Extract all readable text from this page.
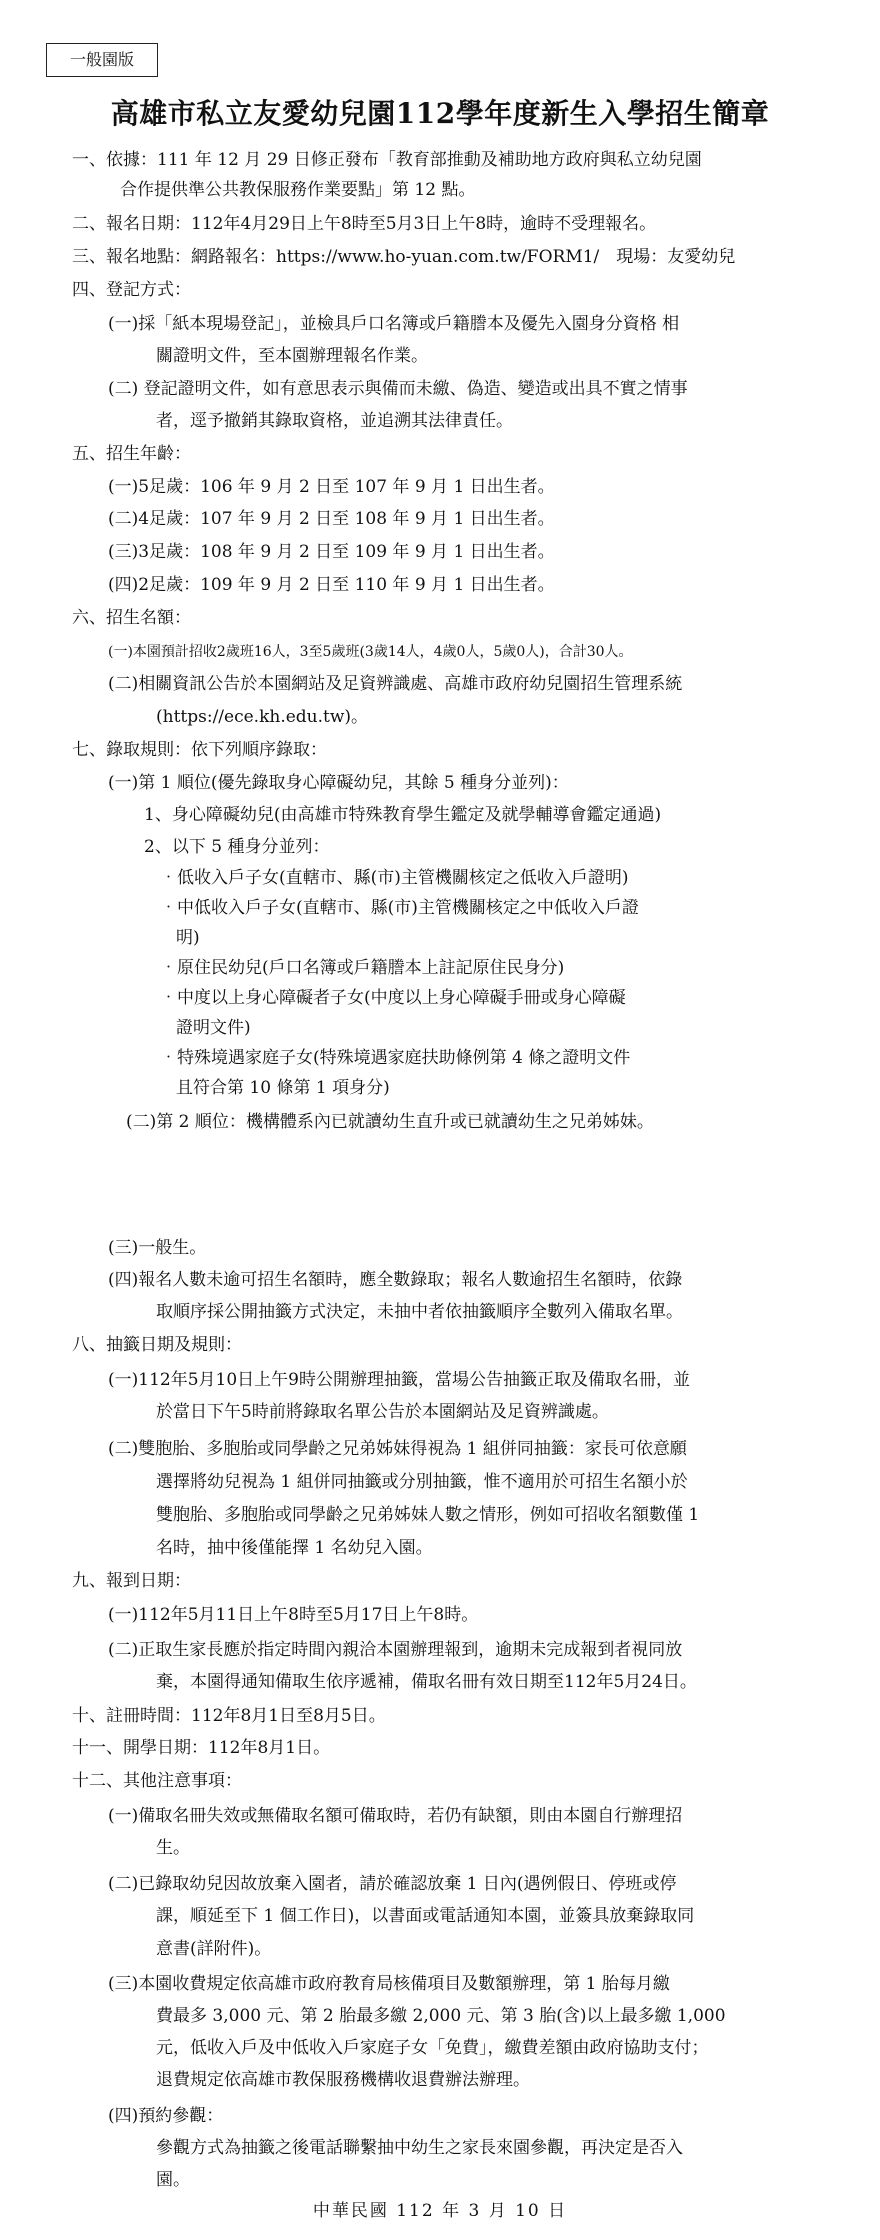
一般園版
高雄市私立友愛幼兒園112學年度新生入學招生簡章
一、依據：111 年 12 月 29 日修正發布「教育部推動及補助地方政府與私立幼兒園
合作提供準公共教保服務作業要點」第 12 點。
二、報名日期：112年4月29日上午8時至5月3日上午8時，逾時不受理報名。
三、報名地點：網路報名：https://www.ho-yuan.com.tw/FORM1/　現場：友愛幼兒
四、登記方式：
(一)採「紙本現場登記」，並檢具戶口名簿或戶籍謄本及優先入園身分資格 相
關證明文件，至本園辦理報名作業。
(二) 登記證明文件，如有意思表示與備而未繳、偽造、變造或出具不實之情事
者，逕予撤銷其錄取資格，並追溯其法律責任。
五、招生年齡：
(一)5足歲：106 年 9 月 2 日至 107 年 9 月 1 日出生者。
(二)4足歲：107 年 9 月 2 日至 108 年 9 月 1 日出生者。
(三)3足歲：108 年 9 月 2 日至 109 年 9 月 1 日出生者。
(四)2足歲：109 年 9 月 2 日至 110 年 9 月 1 日出生者。
六、招生名額：
(一)本園預計招收2歲班16人，3至5歲班(3歲14人，4歲0人，5歲0人)，合計30人。
(二)相關資訊公告於本園網站及足資辨識處、高雄市政府幼兒園招生管理系統
(https://ece.kh.edu.tw)。
七、錄取規則：依下列順序錄取：
(一)第 1 順位(優先錄取身心障礙幼兒，其餘 5 種身分並列)：
1、身心障礙幼兒(由高雄市特殊教育學生鑑定及就學輔導會鑑定通過)
2、以下 5 種身分並列：
‧低收入戶子女(直轄市、縣(市)主管機關核定之低收入戶證明)
‧中低收入戶子女(直轄市、縣(市)主管機關核定之中低收入戶證
明)
‧原住民幼兒(戶口名簿或戶籍謄本上註記原住民身分)
‧中度以上身心障礙者子女(中度以上身心障礙手冊或身心障礙
證明文件)
‧特殊境遇家庭子女(特殊境遇家庭扶助條例第 4 條之證明文件
且符合第 10 條第 1 項身分)
(二)第 2 順位：機構體系內已就讀幼生直升或已就讀幼生之兄弟姊妹。
(三)一般生。
(四)報名人數未逾可招生名額時，應全數錄取；報名人數逾招生名額時，依錄
取順序採公開抽籤方式決定，未抽中者依抽籤順序全數列入備取名單。
八、抽籤日期及規則：
(一)112年5月10日上午9時公開辦理抽籤，當場公告抽籤正取及備取名冊，並
於當日下午5時前將錄取名單公告於本園網站及足資辨識處。
(二)雙胞胎、多胞胎或同學齡之兄弟姊妹得視為 1 組併同抽籤：家長可依意願
選擇將幼兒視為 1 組併同抽籤或分別抽籤，惟不適用於可招生名額小於
雙胞胎、多胞胎或同學齡之兄弟姊妹人數之情形，例如可招收名額數僅 1
名時，抽中後僅能擇 1 名幼兒入園。
九、報到日期：
(一)112年5月11日上午8時至5月17日上午8時。
(二)正取生家長應於指定時間內親洽本園辦理報到，逾期未完成報到者視同放
棄，本園得通知備取生依序遞補，備取名冊有效日期至112年5月24日。
十、註冊時間：112年8月1日至8月5日。
十一、開學日期：112年8月1日。
十二、其他注意事項：
(一)備取名冊失效或無備取名額可備取時，若仍有缺額，則由本園自行辦理招
生。
(二)已錄取幼兒因故放棄入園者，請於確認放棄 1 日內(遇例假日、停班或停
課，順延至下 1 個工作日)，以書面或電話通知本園，並簽具放棄錄取同
意書(詳附件)。
(三)本園收費規定依高雄市政府教育局核備項目及數額辦理，第 1 胎每月繳
費最多 3,000 元、第 2 胎最多繳 2,000 元、第 3 胎(含)以上最多繳 1,000
元，低收入戶及中低收入戶家庭子女「免費」，繳費差額由政府協助支付；
退費規定依高雄市教保服務機構收退費辦法辦理。
(四)預約參觀：
參觀方式為抽籤之後電話聯繫抽中幼生之家長來園參觀，再決定是否入
園。
中華民國 112 年 3 月 10 日
